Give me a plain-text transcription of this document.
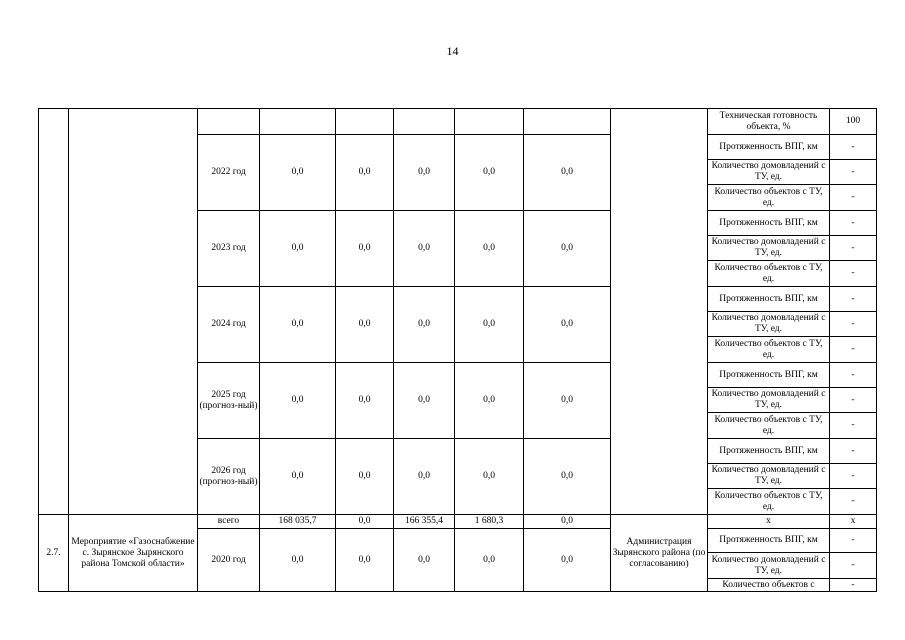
14
									Техническая готовность объекта, %	100
		2022 год	0,0	0,0	0,0	0,0	0,0		Протяженность ВПГ, км	-
									Количество домовладений с ТУ, ед.	-
									Количество объектов с ТУ, ед.	-
		2023 год	0,0	0,0	0,0	0,0	0,0		Протяженность ВПГ, км	-
									Количество домовладений с ТУ, ед.	-
									Количество объектов с ТУ, ед.	-
		2024 год	0,0	0,0	0,0	0,0	0,0		Протяженность ВПГ, км	-
									Количество домовладений с ТУ, ед.	-
									Количество объектов с ТУ, ед.	-
		2025 год (прогноз-ный)	0,0	0,0	0,0	0,0	0,0		Протяженность ВПГ, км	-
									Количество домовладений с ТУ, ед.	-
									Количество объектов с ТУ, ед.	-
		2026 год (прогноз-ный)	0,0	0,0	0,0	0,0	0,0		Протяженность ВПГ, км	-
									Количество домовладений с ТУ, ед.	-
									Количество объектов с ТУ, ед.	-
2.7.	Мероприятие «Газоснабжение с. Зырянское Зырянского района Томской области»	всего	168 035,7	0,0	166 355,4	1 680,3	0,0	Администрация Зырянского района (по согласованию)	x	x
		2020 год	0,0	0,0	0,0	0,0	0,0		Протяженность ВПГ, км	-
									Количество домовладений с ТУ, ед.	-
									Количество объектов с	-
